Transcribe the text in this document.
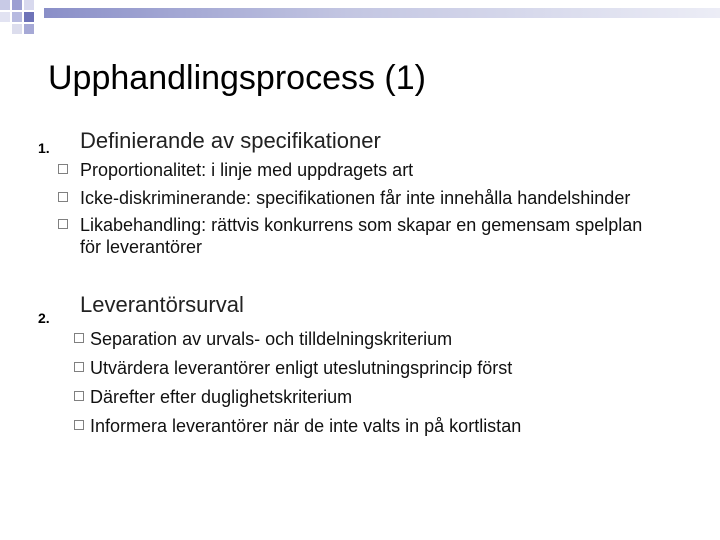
Upphandlingsprocess (1)
1. Definierande av specifikationer
Proportionalitet: i linje med uppdragets art
Icke-diskriminerande: specifikationen får inte innehålla handelshinder
Likabehandling: rättvis konkurrens som skapar en gemensam spelplan för leverantörer
2.
Leverantörsurval
Separation av urvals- och tilldelningskriterium
Utvärdera leverantörer enligt uteslutningsprincip först
Därefter efter duglighetskriterium
Informera leverantörer när de inte valts in på kortlistan
